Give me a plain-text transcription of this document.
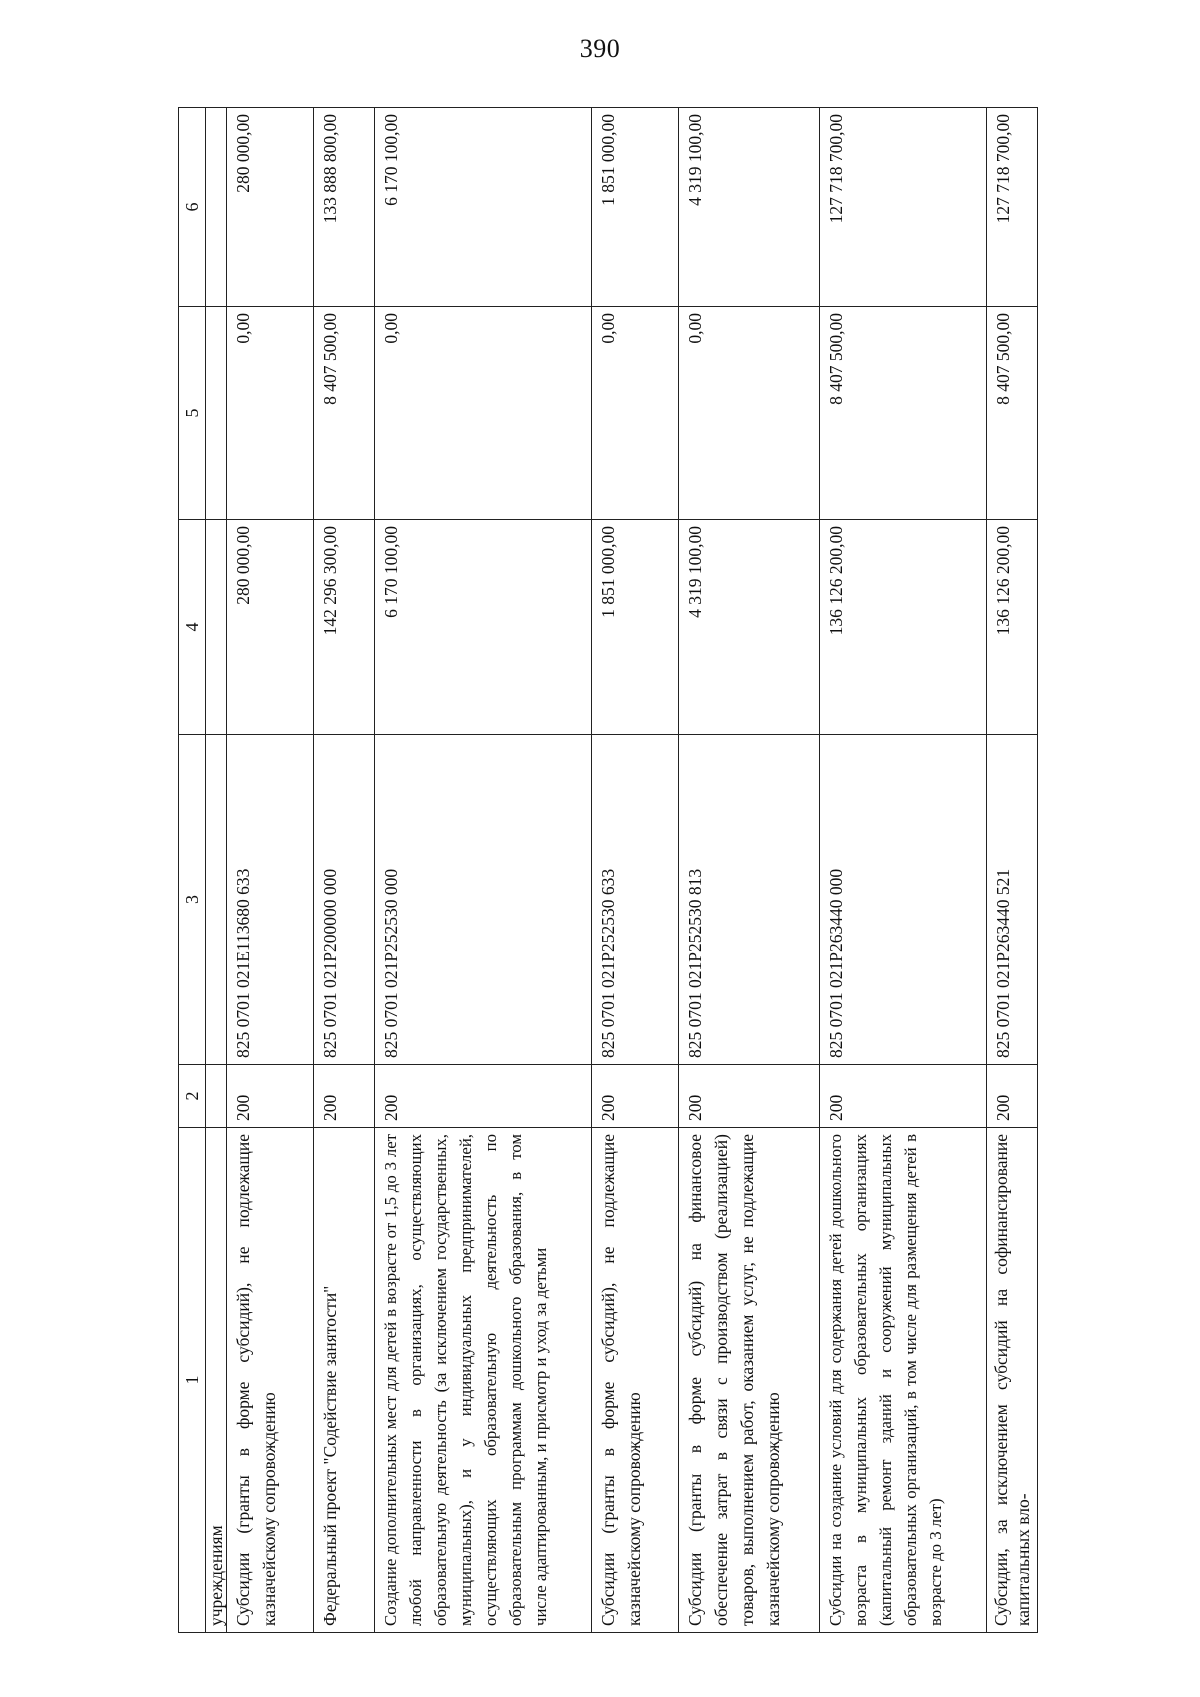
390
1	2	3	4	5	6
учреждениям					
Субсидии (гранты в форме субсидий), не подлежащие казначейскому сопровождению	200	825 0701 021E113680 633	280 000,00	0,00	280 000,00
Федеральный проект "Содействие занятости"	200	825 0701 021P200000 000	142 296 300,00	8 407 500,00	133 888 800,00
Создание дополнительных мест для детей в возрасте от 1,5 до 3 лет любой направленности в организациях, осуществляющих образовательную деятельность (за исключением государственных, муниципальных), и у индивидуальных предпринимателей, осуществляющих образовательную деятельность по образовательным программам дошкольного образования, в том числе адаптированным, и присмотр и уход за детьми	200	825 0701 021P252530 000	6 170 100,00	0,00	6 170 100,00
Субсидии (гранты в форме субсидий), не подлежащие казначейскому сопровождению	200	825 0701 021P252530 633	1 851 000,00	0,00	1 851 000,00
Субсидии (гранты в форме субсидий) на финансовое обеспечение затрат в связи с производством (реализацией) товаров, выполнением работ, оказанием услуг, не подлежащие казначейскому сопровождению	200	825 0701 021P252530 813	4 319 100,00	0,00	4 319 100,00
Субсидии на создание условий для содержания детей дошкольного возраста в муниципальных образовательных организациях (капитальный ремонт зданий и сооружений муниципальных образовательных организаций, в том числе для размещения детей в возрасте до 3 лет)	200	825 0701 021P263440 000	136 126 200,00	8 407 500,00	127 718 700,00
Субсидии, за исключением субсидий на софинансирование капитальных вло-	200	825 0701 021P263440 521	136 126 200,00	8 407 500,00	127 718 700,00
